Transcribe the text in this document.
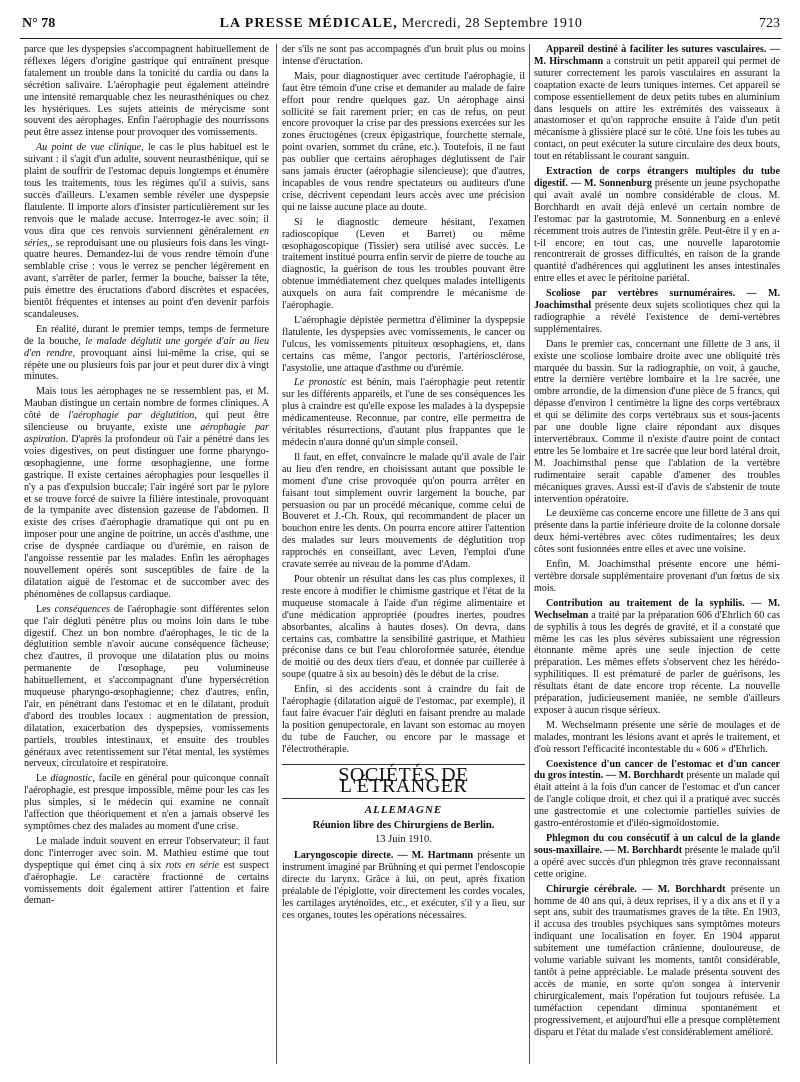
N° 78	LA PRESSE MÉDICALE, Mercredi, 28 Septembre 1910	723

parce que les dyspepsies s'accompagnent habituellement de réflexes légers d'origine gastrique qui entraînent presque fatalement un trouble dans la tonicité du cardia ou dans la sécrétion salivaire. L'aérophagie peut également atteindre une intensité remarquable chez les neurasthéniques ou chez les hystériques. Les sujets atteints de mérycisme sont souvent des aérophages. Enfin l'aérophagie des nourrissons peut être assez intense pour provoquer des vomissements.

Au point de vue clinique, le cas le plus habituel est le suivant : il s'agit d'un adulte, souvent neurasthénique, qui se plaint de souffrir de l'estomac depuis longtemps et énumère tous les traitements, tous les régimes qu'il a suivis, sans succès d'ailleurs. L'examen semble révéler une dyspepsie flatulente. Il importe alors d'insister particulièrement sur les renvois que le malade accuse. Interrogez-le avec soin; il vous dira que ces renvois surviennent généralement en séries,, se reproduisant une ou plusieurs fois dans les vingt-quatre heures. Demandez-lui de vous rendre témoin d'une semblable crise : vous le verrez se pencher légèrement en avant, s'arrêter de parler, fermer la bouche, baisser la tête, puis émettre des éructations d'abord discrètes et espacées, bientôt fréquentes et intenses au point d'en devenir parfois scandaleuses.

En réalité, durant le premier temps, temps de fermeture de la bouche, le malade déglutit une gorgée d'air au lieu d'en rendre, provoquant ainsi lui-même la crise, qui se répète une ou plusieurs fois par jour et peut durer dix à vingt minutes.

Mais tous les aérophages ne se ressemblent pas, et M. Mauban distingue un certain nombre de formes cliniques. A côté de l'aérophagie par déglutition, qui peut être silencieuse ou bruyante, existe une aérophagie par aspiration. D'après la profondeur où l'air a pénétré dans les voies digestives, on peut distinguer une forme pharyngo-œsophagienne, une forme œsophagienne, une forme gastrique. Il existe certaines aérophagies pour lesquelles il n'y a pas d'expulsion buccale; l'air ingéré sort par le pylore et se trouve forcé de suivre la filière intestinale, provoquant de la tympanite avec distension gazeuse de l'abdomen. Il existe des crises d'aérophagie dramatique qui ont pu en imposer pour une angine de poitrine, un accès d'asthme, une crise de dyspnée cardiaque ou d'urémie, en raison de l'angoisse ressentie par les malades. Enfin les aérophages nouvellement opérés sont susceptibles de faire de la dilatation aiguë de l'estomac et de succomber avec des phénomènes de collapsus cardiaque.

Les conséquences de l'aérophagie sont différentes selon que l'air dégluti pénètre plus ou moins loin dans le tube digestif. Chez un bon nombre d'aérophages, le tic de la déglutition semble n'avoir aucune conséquence fâcheuse; chez d'autres, il provoque une dilatation plus ou moins permanente de l'œsophage, peu volumineuse habituellement, et s'accompagnant d'une hypersécrétion muqueuse pharyngo-œsophagienne; chez d'autres, enfin, l'air, en pénétrant dans l'estomac et en le dilatant, produit d'abord des troubles locaux : augmentation de pression, dilatation, exacerbation des dyspepsies, vomissements partiels, troubles intestinaux, et ensuite des troubles généraux avec retentissement sur l'état mental, les systèmes nerveux, circulatoire et respiratoire.

Le diagnostic, facile en général pour quiconque connaît l'aérophagie, est presque impossible, même pour les cas les plus simples, si le médecin qui examine ne connaît l'affection que théoriquement et n'en a jamais observé les symptômes chez des malades au moment d'une crise.

Le malade induit souvent en erreur l'observateur; il faut donc l'interroger avec soin. M. Mathieu estime que tout dyspeptique qui émet cinq à six rots en série est suspect d'aérophagie. Le caractère fractionné de certains vomissements doit également attirer l'attention et faire deman-

der s'ils ne sont pas accompagnés d'un bruit plus ou moins intense d'éructation.

Mais, pour diagnostiquer avec certitude l'aérophagie, il faut être témoin d'une crise et demander au malade de faire effort pour rendre quelques gaz. Un aérophage ainsi sollicité se fait rarement prier; en cas de refus, on peut encore provoquer la crise par des pressions exercées sur les zones éructogènes (creux épigastrique, fourchette sternale, point ovarien, sommet du crâne, etc.). Toutefois, il ne faut pas oublier que certains aérophages déglutissent de l'air sans jamais éructer (aérophagie silencieuse); que d'autres, incapables de vous rendre spectateurs ou auditeurs d'une crise, décrivent cependant leurs accès avec une précision qui ne laisse aucune place au doute.

Si le diagnostic demeure hésitant, l'examen radioscopique (Leven et Barret) ou même œsophagoscopique (Tissier) sera utilisé avec succès. Le traitement institué pourra enfin servir de pierre de touche au diagnostic, la guérison de tous les troubles pouvant être obtenue immédiatement chez quelques malades intelligents auxquels on aura fait comprendre le mécanisme de l'aérophagie.

L'aérophagie dépistée permettra d'éliminer la dyspepsie flatulente, les dyspepsies avec vomissements, le cancer ou l'ulcus, les vomissements pituiteux œsophagiens, et, dans certains cas même, l'angor pectoris, l'artériosclérose, l'asystolie, une attaque d'asthme ou d'urémie.

Le pronostic est bénin, mais l'aérophagie peut retentir sur les différents appareils, et l'une de ses conséquences les plus à craindre est qu'elle expose les malades à la dyspepsie médicamenteuse. Reconnue, par contre, elle permettra de véritables résurrections, d'autant plus frappantes que le médecin n'aura donné qu'un simple conseil.

Il faut, en effet, convaincre le malade qu'il avale de l'air au lieu d'en rendre, en choisissant autant que possible le moment d'une crise provoquée qu'on pourra arrêter en faisant tout simplement ouvrir largement la bouche, par persuasion ou par un procédé mécanique, comme celui de Bouveret et J.-Ch. Roux, qui recommandent de placer un bouchon entre les dents. On pourra encore attirer l'attention des malades sur leurs mouvements de déglutition trop rapprochés en conseillant, avec Leven, l'emploi d'une cravate serrée au niveau de la pomme d'Adam.

Pour obtenir un résultat dans les cas plus complexes, il reste encore à modifier le chimisme gastrique et l'état de la muqueuse stomacale à l'aide d'un régime alimentaire et d'une médication appropriée (poudres inertes, poudres absorbantes, alcalins à hautes doses). On devra, dans certains cas, combattre la sensibilité gastrique, et Mathieu préconise dans ce but l'eau chloroformée saturée, étendue de moitié ou des deux tiers d'eau, et donnée par cuillerée à soupe (quatre à six au besoin) dès le début de la crise.

Enfin, si des accidents sont à craindre du fait de l'aérophagie (dilatation aiguë de l'estomac, par exemple), il faut faire évacuer l'air dégluti en faisant prendre au malade la position genupectorale, en lavant son estomac au moyen du tube de Faucher, ou encore par le massage et l'électrothérapie.

SOCIÉTÉS DE L'ÉTRANGER
ALLEMAGNE
Réunion libre des Chirurgiens de Berlin.
13 Juin 1910.

Laryngoscopie directe. — M. Hartmann présente un instrument imaginé par Brühning et qui permet l'endoscopie directe du larynx. Grâce à lui, on peut, après fixation préalable de l'épiglotte, voir directement les cordes vocales, les cartilages aryténoïdes, etc., et exécuter, s'il y a lieu, sur ces organes, toutes les opérations nécessaires.

Appareil destiné à faciliter les sutures vasculaires. — M. Hirschmann a construit un petit appareil qui permet de suturer correctement les parois vasculaires en assurant la coaptation exacte de leurs tuniques internes. Cet appareil se compose essentiellement de deux petits tubes en aluminium dans lesquels on attire les extrémités des vaisseaux à anastomoser et qu'on rapproche ensuite à l'aide d'un petit mécanisme à glissière placé sur le côté. Une fois les tubes au contact, on peut exécuter la suture circulaire des deux bouts, tout en rétablissant le courant sanguin.

Extraction de corps étrangers multiples du tube digestif. — M. Sonnenburg présente un jeune psychopathe qui avait avalé un nombre considérable de clous. M. Borchhardt en avait déjà enlevé un certain nombre de l'estomac par la gastrotomie, M. Sonnenburg en a enlevé récemment trois autres de l'intestin grêle. Peut-être il y en a-t-il encore; en tout cas, une nouvelle laparotomie rencontrerait de grosses difficultés, en raison de la grande quantité d'adhérences qui agglutinent les anses intestinales entre elles et avec le péritoine pariétal.

Scoliose par vertèbres surnuméraires. — M. Joachimsthal présente deux sujets scoliotiques chez qui la radiographie a révélé l'existence de demi-vertèbres supplémentaires.

Dans le premier cas, concernant une fillette de 3 ans, il existe une scoliose lombaire droite avec une obliquité très marquée du bassin. Sur la radiographie, on voit, à gauche, entre la dernière vertèbre lombaire et la 1re sacrée, une ombre arrondie, de la dimension d'une pièce de 5 francs, qui dépasse d'environ 1 centimètre la ligne des corps vertébraux et qui se délimite des corps vertébraux sus et sous-jacents par une double ligne claire répondant aux disques intervertébraux. Comme il n'existe d'autre point de contact entre les 5e lombaire et 1re sacrée que leur bord latéral droit, M. Joachimsthal pense que l'ablation de la vertèbre rudimentaire serait capable d'amener des troubles mécaniques graves. Aussi est-il d'avis de s'abstenir de toute intervention opératoire.

Le deuxième cas concerne encore une fillette de 3 ans qui présente dans la partie inférieure droite de la colonne dorsale deux hémi-vertèbres avec côtes rudimentaires; les deux côtes sont fusionnées entre elles et avec une voisine.

Enfin, M. Joachimsthal présente encore une hémi-vertèbre dorsale supplémentaire provenant d'un fœtus de six mois.

Contribution au traitement de la syphilis. — M. Wechselman a traité par la préparation 606 d'Ehrlich 60 cas de syphilis à tous les degrés de gravité, et il a constaté que même les cas les plus sévères subissaient une régression étonnante même après une seule injection de cette préparation. Les mêmes effets s'observent chez les hérédo-syphilitiques. Il est prématuré de parler de guérisons, les résultats étant de date encore trop récente. La nouvelle préparation, judicieusement maniée, ne semble d'ailleurs exposer à aucun risque sérieux.

M. Wechselmann présente une série de moulages et de malades, montrant les lésions avant et après le traitement, et d'où ressort l'efficacité incontestable du « 606 » d'Ehrlich.

Coexistence d'un cancer de l'estomac et d'un cancer du gros intestin. — M. Borchhardt présente un malade qui était atteint à la fois d'un cancer de l'estomac et d'un cancer de l'angle colique droit, et chez qui il a pratiqué avec succès une gastrectomie et une colectomie partielles suivies de gastro-entérostomie et d'iléo-sigmoïdostomie.

Phlegmon du cou consécutif à un calcul de la glande sous-maxillaire. — M. Borchhardt présente le malade qu'il a opéré avec succès d'un phlegmon très grave reconnaissant cette origine.

Chirurgie cérébrale. — M. Borchhardt présente un homme de 40 ans qui, à deux reprises, il y a dix ans et il y a sept ans, subit des traumatismes graves de la tête. En 1903, il accusa des troubles psychiques sans symptômes moteurs indiquant une localisation en foyer. En 1904 apparut subitement une tuméfaction crânienne, douloureuse, de volume variable suivant les moments, tantôt considérable, tantôt à peine appréciable. Le malade présenta souvent des accès de manie, en sorte qu'on songea à intervenir chirurgicalement, mais l'opération fut toujours refusée. La tuméfaction cependant diminua spontanément et progressivement, et aujourd'hui elle a presque complètement disparu et l'état du malade s'est considérablement amélioré.
